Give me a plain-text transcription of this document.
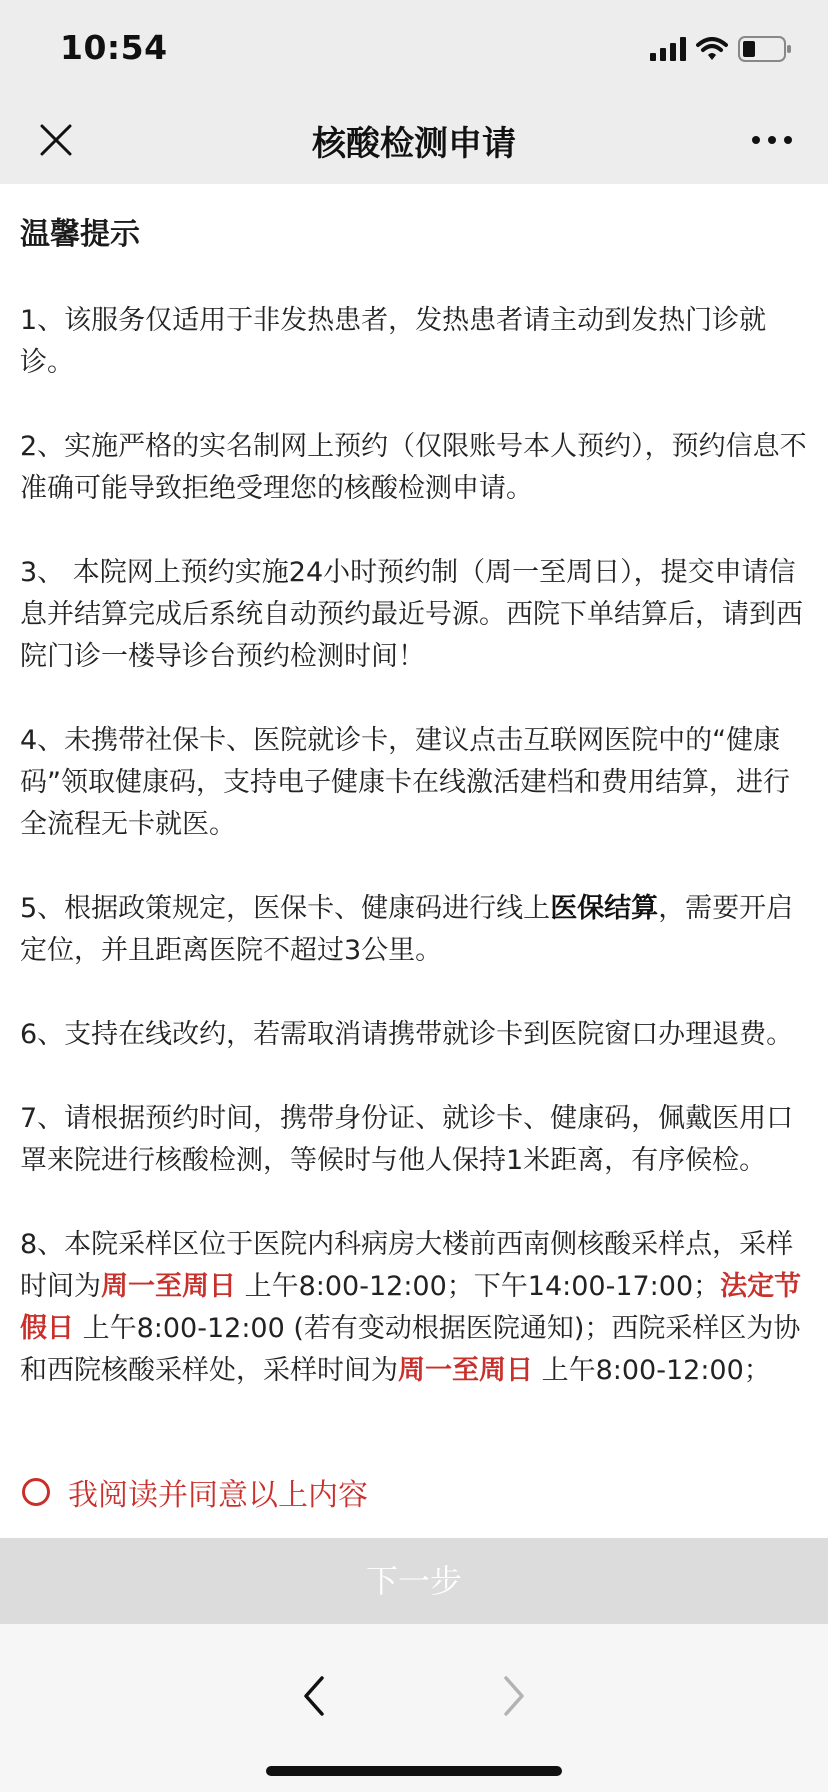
10:54
核酸检测申请
温馨提示

1、该服务仅适用于非发热患者，发热患者请主动到发热门诊就诊。

2、实施严格的实名制网上预约（仅限账号本人预约），预约信息不准确可能导致拒绝受理您的核酸检测申请。

3、 本院网上预约实施24小时预约制（周一至周日），提交申请信息并结算完成后系统自动预约最近号源。西院下单结算后，请到西院门诊一楼导诊台预约检测时间！

4、未携带社保卡、医院就诊卡，建议点击互联网医院中的“健康码”领取健康码，支持电子健康卡在线激活建档和费用结算，进行全流程无卡就医。

5、根据政策规定，医保卡、健康码进行线上医保结算，需要开启定位，并且距离医院不超过3公里。

6、支持在线改约，若需取消请携带就诊卡到医院窗口办理退费。

7、请根据预约时间，携带身份证、就诊卡、健康码，佩戴医用口罩来院进行核酸检测，等候时与他人保持1米距离，有序候检。

8、本院采样区位于医院内科病房大楼前西南侧核酸采样点，采样时间为周一至周日 上午8:00-12:00；下午14:00-17:00；法定节假日 上午8:00-12:00 (若有变动根据医院通知)；西院采样区为协和西院核酸采样处，采样时间为周一至周日 上午8:00-12:00；

我阅读并同意以上内容
下一步
